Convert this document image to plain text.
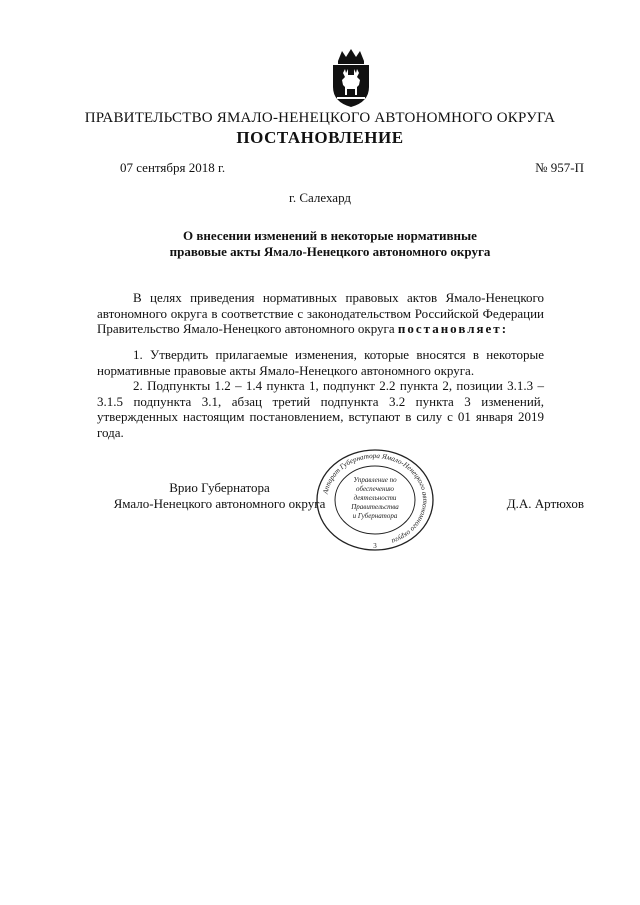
ПРАВИТЕЛЬСТВО ЯМАЛО-НЕНЕЦКОГО АВТОНОМНОГО ОКРУГА
ПОСТАНОВЛЕНИЕ
07 сентября 2018 г.	№ 957-П
г. Салехард
О внесении изменений в некоторые нормативные
правовые акты Ямало-Ненецкого автономного округа
В целях приведения нормативных правовых актов Ямало-Ненецкого автономного округа в соответствие с законодательством Российской Федерации Правительство Ямало-Ненецкого автономного округа постановляет:
1. Утвердить прилагаемые изменения, которые вносятся в некоторые нормативные правовые акты Ямало-Ненецкого автономного округа.
2. Подпункты 1.2 – 1.4 пункта 1, подпункт 2.2 пункта 2, позиции 3.1.3 – 3.1.5 подпункта 3.1, абзац третий подпункта 3.2 пункта 3 изменений, утвержденных настоящим постановлением, вступают в силу с 01 января 2019 года.
Врио Губернатора
Ямало-Ненецкого автономного округа	Д.А. Артюхов
Аппарат Губернатора Ямало-Ненецкого автономного округа
Управление по
обеспечению
деятельности
Правительства
и Губернатора
3
